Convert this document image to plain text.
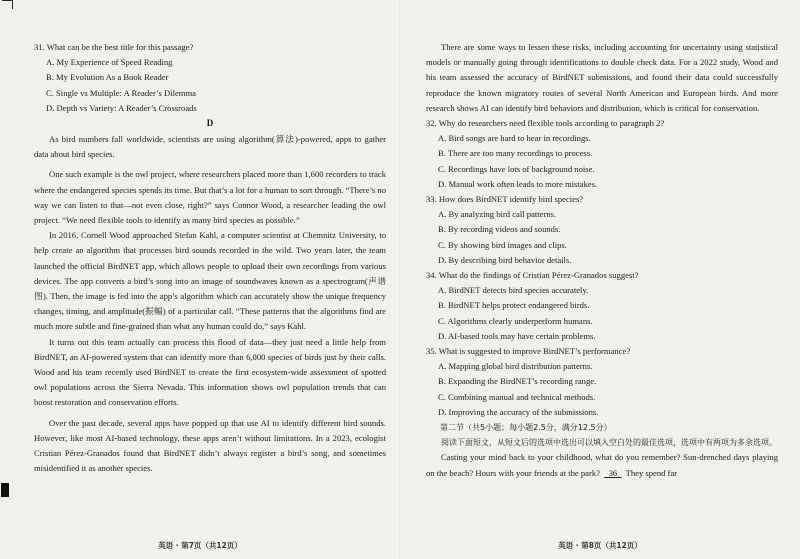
31. What can be the best title for this passage?
A. My Experience of Speed Reading
B. My Evolution As a Book Reader
C. Single vs Multiple: A Reader’s Dilemma
D. Depth vs Variety: A Reader’s Crossroads
D
As bird numbers fall worldwide, scientists are using algorithm(算法)-powered, apps to gather data about bird species.
One such example is the owl project, where researchers placed more than 1,600 recorders to track where the endangered species spends its time. But that’s a lot for a human to sort through. “There’s no way we can listen to that—not even close, right?” says Connor Wood, a researcher leading the owl project. “We need flexible tools to identify as many bird species as possible.”
In 2016, Cornell Wood approached Stefan Kahl, a computer scientist at Chemnitz University, to help create an algorithm that processes bird sounds recorded in the wild. Two years later, the team launched the official BirdNET app, which allows people to upload their own recordings from various devices. The app converts a bird’s song into an image of soundwaves known as a spectrogram(声谱图). Then, the image is fed into the app’s algorithm which can accurately show the unique frequency changes, timing, and amplitude(振幅) of a particular call. “These patterns that the algorithms find are much more subtle and fine-grained than what any human could do,” says Kahl.
It turns out this team actually can process this flood of data—they just need a little help from BirdNET, an AI-powered system that can identify more than 6,000 species of birds just by their calls. Wood and his team recently used BirdNET to create the first ecosystem-wide assessment of spotted owl populations across the Sierra Nevada. This information shows owl population trends that can boost restoration and conservation efforts.
Over the past decade, several apps have popped up that use AI to identify different bird sounds. However, like most AI-based technology, these apps aren’t without limitations. In a 2023, ecologist Cristian Pérez-Granados found that BirdNET didn’t always register a bird’s song, and sometimes misidentified it as another species.
英语 · 第7页（共12页）
There are some ways to lessen these risks, including accounting for uncertainty using statistical models or manually going through identifications to double check data. For a 2022 study, Wood and his team assessed the accuracy of BirdNET submissions, and found their data could successfully reproduce the known migratory routes of several North American and European birds. And more research shows AI can identify bird behaviors and distribution, which is critical for conservation.
32. Why do researchers need flexible tools according to paragraph 2?
A. Bird songs are hard to hear in recordings.
B. There are too many recordings to process.
C. Recordings have lots of background noise.
D. Manual work often leads to more mistakes.
33. How does BirdNET identify bird species?
A. By analyzing bird call patterns.
B. By recording videos and sounds.
C. By showing bird images and clips.
D. By describing bird behavior details.
34. What do the findings of Cristian Pérez-Granados suggest?
A. BirdNET detects bird species accurately.
B. BirdNET helps protect endangered birds.
C. Algorithms clearly underperform humans.
D. AI-based tools may have certain problems.
35. What is suggested to improve BirdNET’s performance?
A. Mapping global bird distribution patterns.
B. Expanding the BirdNET’s recording range.
C. Combining manual and technical methods.
D. Improving the accuracy of the submissions.
第二节（共5小题；每小题2.5分，满分12.5分）
阅读下面短文，从短文后的选项中选出可以填入空白处的最佳选项，选项中有两项为多余选项。
Casting your mind back to your childhood, what do you remember? Sun-drenched days playing on the beach? Hours with your friends at the park? 36 They spend far
英语 · 第8页（共12页）
